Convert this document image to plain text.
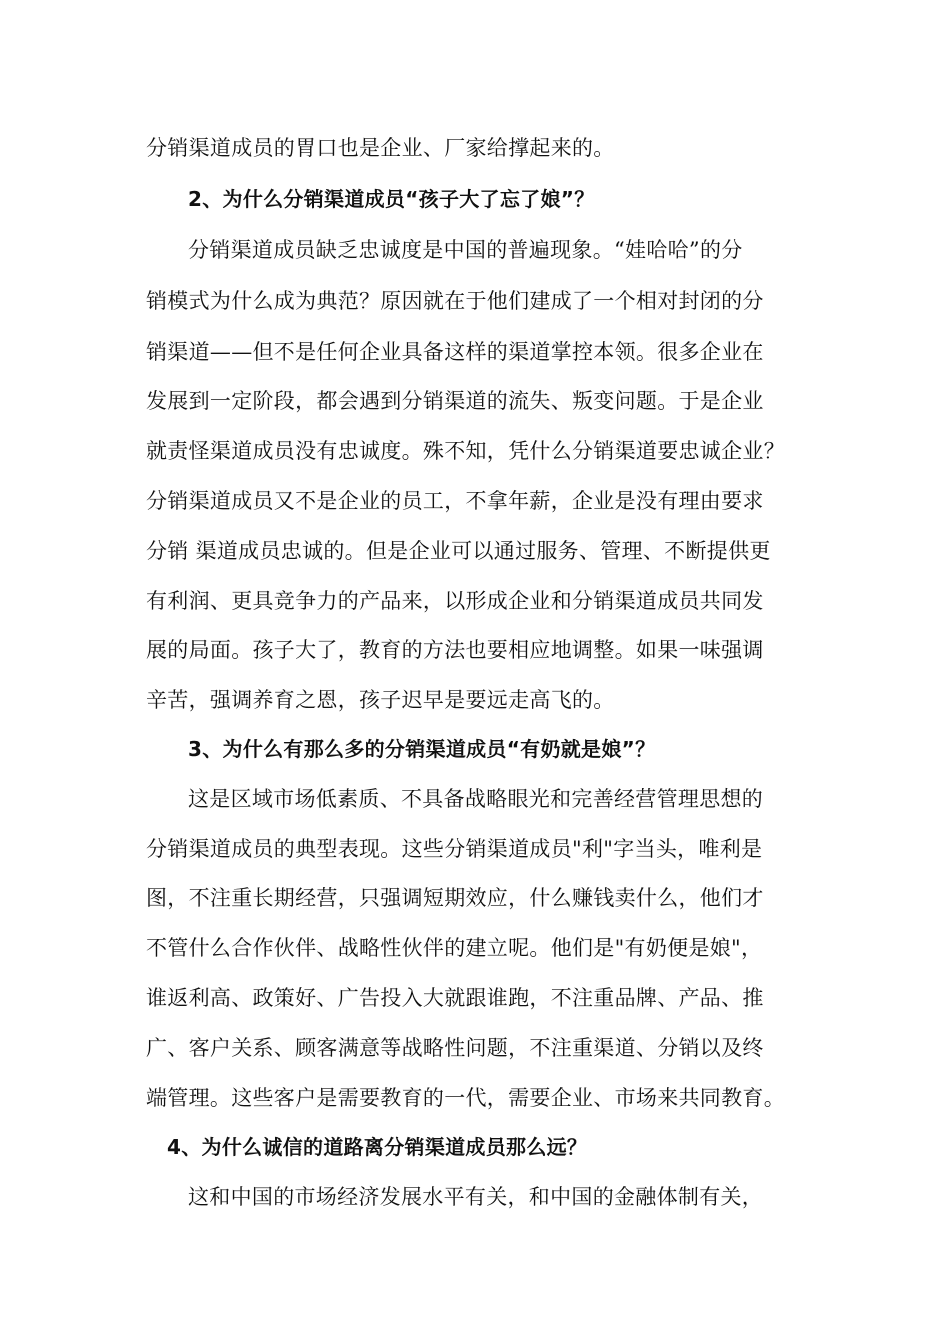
分销渠道成员的胃口也是企业、厂家给撑起来的。
2、为什么分销渠道成员“孩子大了忘了娘”？
分销渠道成员缺乏忠诚度是中国的普遍现象。“娃哈哈”的分
销模式为什么成为典范？原因就在于他们建成了一个相对封闭的分
销渠道——但不是任何企业具备这样的渠道掌控本领。很多企业在
发展到一定阶段，都会遇到分销渠道的流失、叛变问题。于是企业
就责怪渠道成员没有忠诚度。殊不知，凭什么分销渠道要忠诚企业？
分销渠道成员又不是企业的员工，不拿年薪，企业是没有理由要求
分销 渠道成员忠诚的。但是企业可以通过服务、管理、不断提供更
有利润、更具竞争力的产品来，以形成企业和分销渠道成员共同发
展的局面。孩子大了，教育的方法也要相应地调整。如果一味强调
辛苦，强调养育之恩，孩子迟早是要远走高飞的。
3、为什么有那么多的分销渠道成员“有奶就是娘”？
这是区域市场低素质、不具备战略眼光和完善经营管理思想的
分销渠道成员的典型表现。这些分销渠道成员"利"字当头，唯利是
图，不注重长期经营，只强调短期效应，什么赚钱卖什么，他们才
不管什么合作伙伴、战略性伙伴的建立呢。他们是"有奶便是娘"，
谁返利高、政策好、广告投入大就跟谁跑，不注重品牌、产品、推
广、客户关系、顾客满意等战略性问题，不注重渠道、分销以及终
端管理。这些客户是需要教育的一代，需要企业、市场来共同教育。
4、为什么诚信的道路离分销渠道成员那么远？
这和中国的市场经济发展水平有关，和中国的金融体制有关，
